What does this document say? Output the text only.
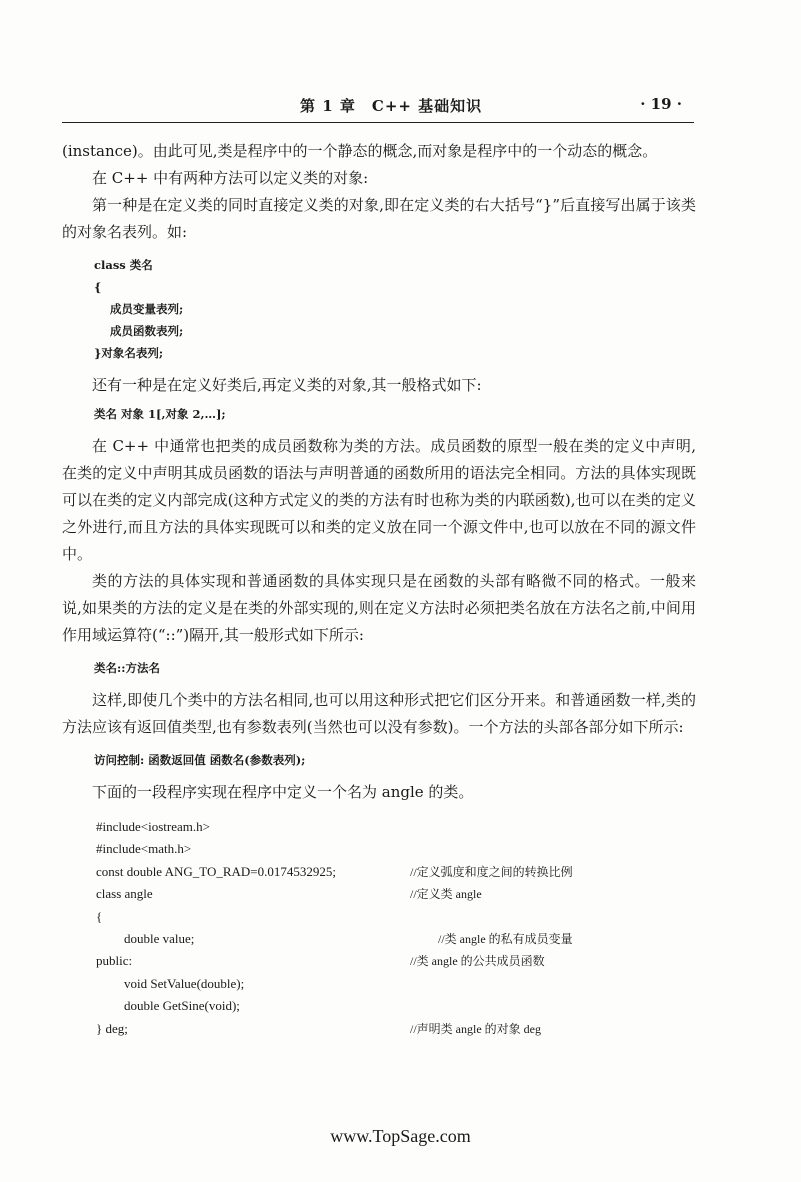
第 1 章　C++ 基础知识	· 19 ·

(instance)。由此可见,类是程序中的一个静态的概念,而对象是程序中的一个动态的概念。

在 C++ 中有两种方法可以定义类的对象:

第一种是在定义类的同时直接定义类的对象,即在定义类的右大括号“}”后直接写出属于该类的对象名表列。如:

class 类名
{
成员变量表列;
成员函数表列;
}对象名表列;

还有一种是在定义好类后,再定义类的对象,其一般格式如下:

类名 对象 1[,对象 2,…];

在 C++ 中通常也把类的成员函数称为类的方法。成员函数的原型一般在类的定义中声明,在类的定义中声明其成员函数的语法与声明普通的函数所用的语法完全相同。方法的具体实现既可以在类的定义内部完成(这种方式定义的类的方法有时也称为类的内联函数),也可以在类的定义之外进行,而且方法的具体实现既可以和类的定义放在同一个源文件中,也可以放在不同的源文件中。

类的方法的具体实现和普通函数的具体实现只是在函数的头部有略微不同的格式。一般来说,如果类的方法的定义是在类的外部实现的,则在定义方法时必须把类名放在方法名之前,中间用作用域运算符(“::”)隔开,其一般形式如下所示:

类名::方法名

这样,即使几个类中的方法名相同,也可以用这种形式把它们区分开来。和普通函数一样,类的方法应该有返回值类型,也有参数表列(当然也可以没有参数)。一个方法的头部各部分如下所示:

访问控制: 函数返回值 函数名(参数表列);

下面的一段程序实现在程序中定义一个名为 angle 的类。

#include<iostream.h>
#include<math.h>
const double ANG_TO_RAD=0.0174532925;	//定义弧度和度之间的转换比例
class angle	//定义类 angle
{
double value;	//类 angle 的私有成员变量
public:	//类 angle 的公共成员函数
void SetValue(double);
double GetSine(void);
} deg;	//声明类 angle 的对象 deg
www.TopSage.com
